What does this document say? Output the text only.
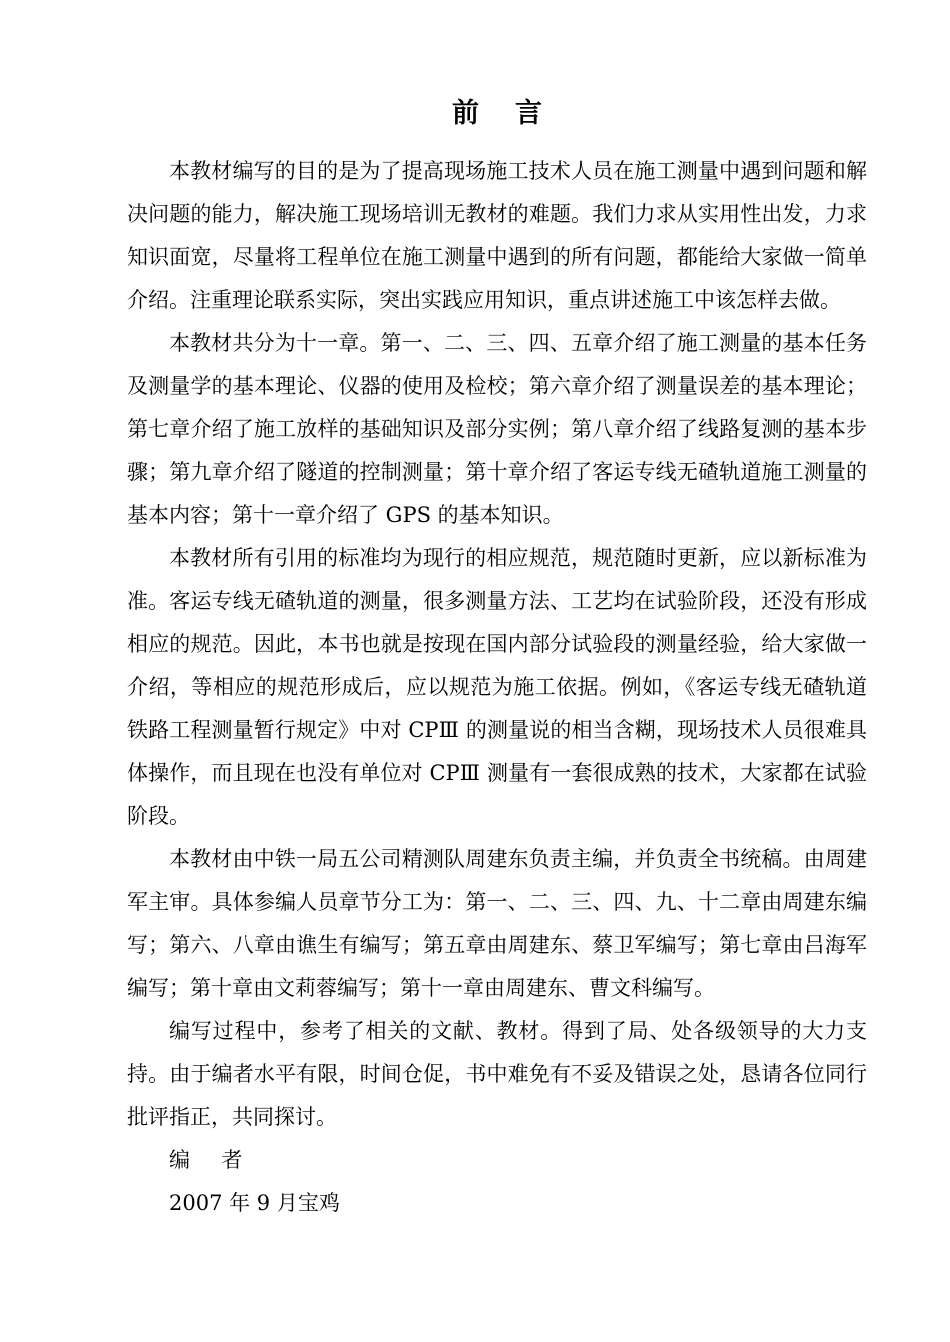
前言

本教材编写的目的是为了提高现场施工技术人员在施工测量中遇到问题和解决问题的能力，解决施工现场培训无教材的难题。我们力求从实用性出发，力求知识面宽，尽量将工程单位在施工测量中遇到的所有问题，都能给大家做一简单介绍。注重理论联系实际，突出实践应用知识，重点讲述施工中该怎样去做。

本教材共分为十一章。第一、二、三、四、五章介绍了施工测量的基本任务及测量学的基本理论、仪器的使用及检校；第六章介绍了测量误差的基本理论；第七章介绍了施工放样的基础知识及部分实例；第八章介绍了线路复测的基本步骤；第九章介绍了隧道的控制测量；第十章介绍了客运专线无碴轨道施工测量的基本内容；第十一章介绍了 GPS 的基本知识。

本教材所有引用的标准均为现行的相应规范，规范随时更新，应以新标准为准。客运专线无碴轨道的测量，很多测量方法、工艺均在试验阶段，还没有形成相应的规范。因此，本书也就是按现在国内部分试验段的测量经验，给大家做一介绍，等相应的规范形成后，应以规范为施工依据。例如，《客运专线无碴轨道铁路工程测量暂行规定》中对 CPⅢ 的测量说的相当含糊，现场技术人员很难具体操作，而且现在也没有单位对 CPⅢ 测量有一套很成熟的技术，大家都在试验阶段。

本教材由中铁一局五公司精测队周建东负责主编，并负责全书统稿。由周建军主审。具体参编人员章节分工为：第一、二、三、四、九、十二章由周建东编写；第六、八章由谯生有编写；第五章由周建东、蔡卫军编写；第七章由吕海军编写；第十章由文莉蓉编写；第十一章由周建东、曹文科编写。

编写过程中，参考了相关的文献、教材。得到了局、处各级领导的大力支持。由于编者水平有限，时间仓促，书中难免有不妥及错误之处，恳请各位同行批评指正，共同探讨。

编者

2007 年 9 月宝鸡
